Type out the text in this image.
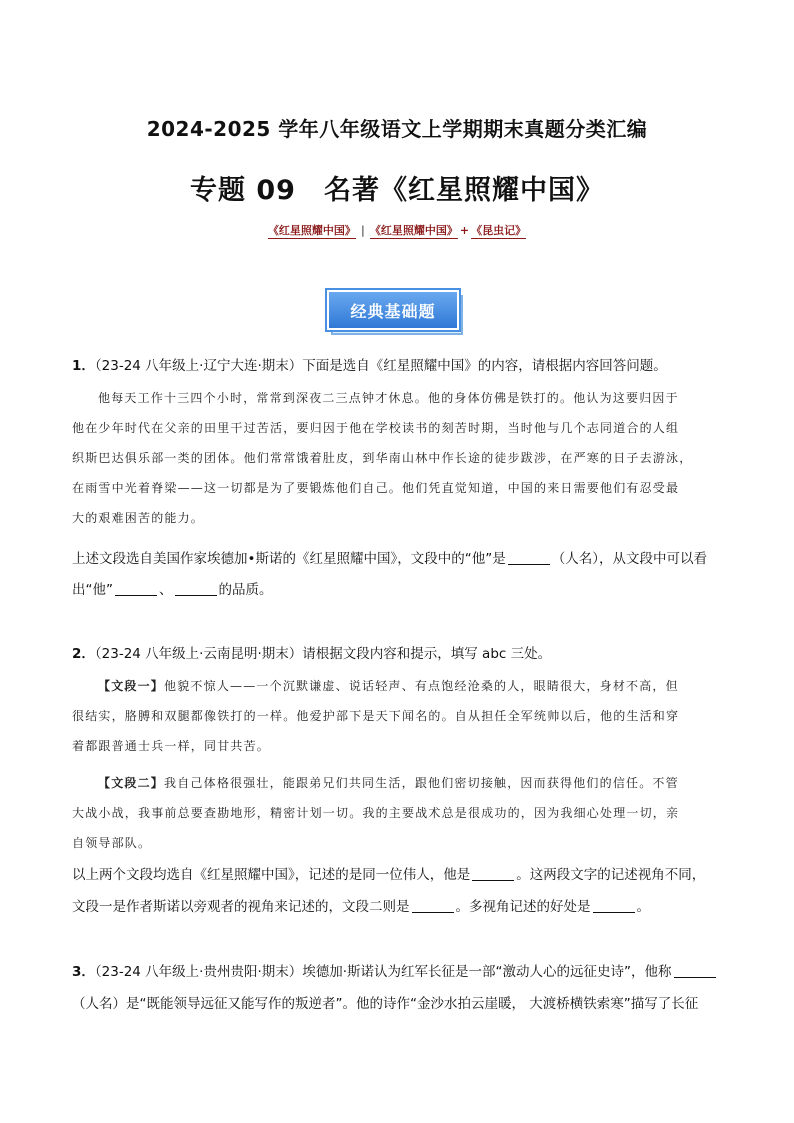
2024-2025 学年八年级语文上学期期末真题分类汇编
专题 09 名著《红星照耀中国》
《红星照耀中国》 | 《红星照耀中国》 + 《昆虫记》
经典基础题
1．（23-24 八年级上·辽宁大连·期末）下面是选自《红星照耀中国》的内容，请根据内容回答问题。

他每天工作十三四个小时，常常到深夜二三点钟才休息。他的身体仿佛是铁打的。他认为这要归因于

他在少年时代在父亲的田里干过苦活，要归因于他在学校读书的刻苦时期，当时他与几个志同道合的人组

织斯巴达俱乐部一类的团体。他们常常饿着肚皮，到华南山林中作长途的徒步跋涉，在严寒的日子去游泳，

在雨雪中光着脊梁——这一切都是为了要锻炼他们自己。他们凭直觉知道，中国的来日需要他们有忍受最

大的艰难困苦的能力。

上述文段选自美国作家埃德加•斯诺的《红星照耀中国》，文段中的“他”是	（人名），从文段中可以看
出“他”	、	的品质。
2．（23-24 八年级上·云南昆明·期末）请根据文段内容和提示，填写 abc 三处。

【文段一】他貌不惊人——一个沉默谦虚、说话轻声、有点饱经沧桑的人，眼睛很大，身材不高，但

很结实，胳膊和双腿都像铁打的一样。他爱护部下是天下闻名的。自从担任全军统帅以后，他的生活和穿

着都跟普通士兵一样，同甘共苦。

【文段二】我自己体格很强壮，能跟弟兄们共同生活，跟他们密切接触，因而获得他们的信任。不管

大战小战，我事前总要查勘地形，精密计划一切。我的主要战术总是很成功的，因为我细心处理一切，亲

自领导部队。

以上两个文段均选自《红星照耀中国》，记述的是同一位伟人，他是	。这两段文字的记述视角不同，
文段一是作者斯诺以旁观者的视角来记述的，文段二则是	。多视角记述的好处是	。
3．（23-24 八年级上·贵州贵阳·期末）埃德加·斯诺认为红军长征是一部“激动人心的远征史诗”，他称
（人名）是“既能领导远征又能写作的叛逆者”。他的诗作“金沙水拍云崖暖， 大渡桥横铁索寒”描写了长征
